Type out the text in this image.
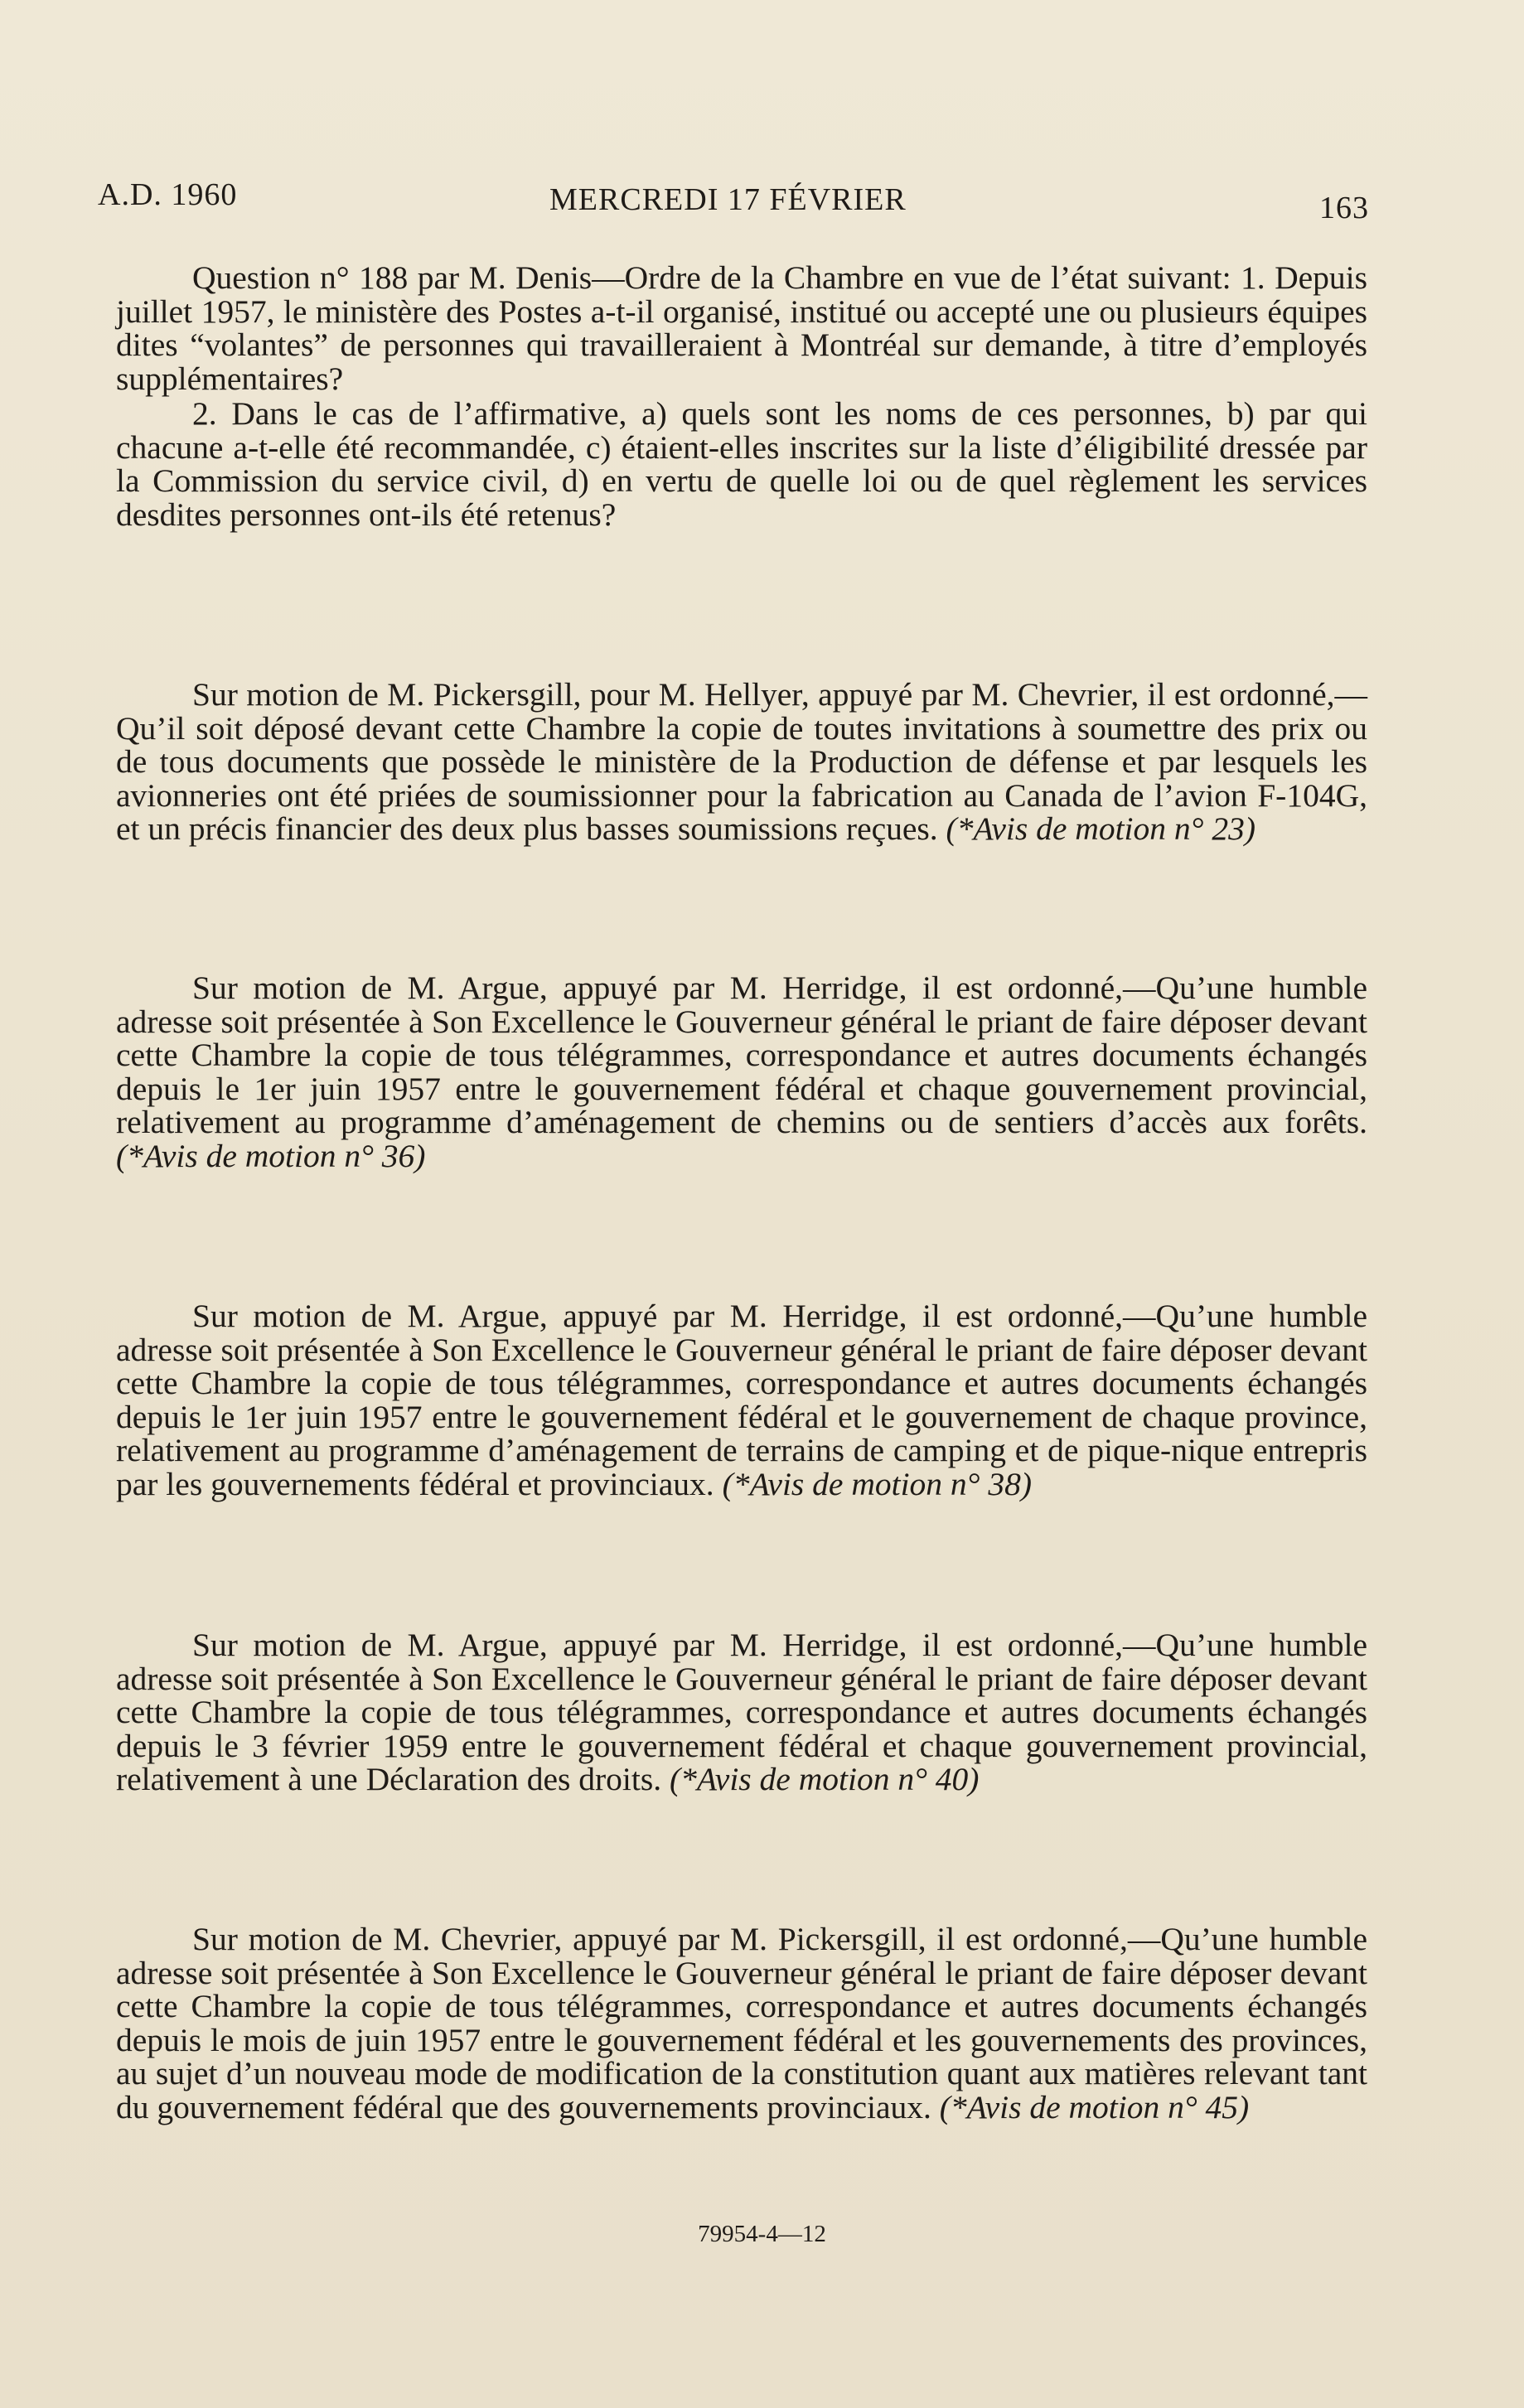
A.D. 1960	MERCREDI 17 FÉVRIER	163

Question n° 188 par M. Denis—Ordre de la Chambre en vue de l’état suivant: 1. Depuis juillet 1957, le ministère des Postes a-t-il organisé, institué ou accepté une ou plusieurs équipes dites “volantes” de personnes qui travailleraient à Montréal sur demande, à titre d’employés supplémentaires?

2. Dans le cas de l’affirmative, a) quels sont les noms de ces personnes, b) par qui chacune a-t-elle été recommandée, c) étaient-elles inscrites sur la liste d’éligibilité dressée par la Commission du service civil, d) en vertu de quelle loi ou de quel règlement les services desdites personnes ont-ils été retenus?

Sur motion de M. Pickersgill, pour M. Hellyer, appuyé par M. Chevrier, il est ordonné,—Qu’il soit déposé devant cette Chambre la copie de toutes invitations à soumettre des prix ou de tous documents que possède le ministère de la Production de défense et par lesquels les avionneries ont été priées de soumissionner pour la fabrication au Canada de l’avion F-104G, et un précis financier des deux plus basses soumissions reçues. (*Avis de motion n° 23)

Sur motion de M. Argue, appuyé par M. Herridge, il est ordonné,—Qu’une humble adresse soit présentée à Son Excellence le Gouverneur général le priant de faire déposer devant cette Chambre la copie de tous télégrammes, correspondance et autres documents échangés depuis le 1er juin 1957 entre le gouvernement fédéral et chaque gouvernement provincial, relativement au programme d’aménagement de chemins ou de sentiers d’accès aux forêts. (*Avis de motion n° 36)

Sur motion de M. Argue, appuyé par M. Herridge, il est ordonné,—Qu’une humble adresse soit présentée à Son Excellence le Gouverneur général le priant de faire déposer devant cette Chambre la copie de tous télégrammes, correspondance et autres documents échangés depuis le 1er juin 1957 entre le gouvernement fédéral et le gouvernement de chaque province, relativement au programme d’aménagement de terrains de camping et de pique-nique entrepris par les gouvernements fédéral et provinciaux. (*Avis de motion n° 38)

Sur motion de M. Argue, appuyé par M. Herridge, il est ordonné,—Qu’une humble adresse soit présentée à Son Excellence le Gouverneur général le priant de faire déposer devant cette Chambre la copie de tous télégrammes, correspondance et autres documents échangés depuis le 3 février 1959 entre le gouvernement fédéral et chaque gouvernement provincial, relativement à une Déclaration des droits. (*Avis de motion n° 40)

Sur motion de M. Chevrier, appuyé par M. Pickersgill, il est ordonné,—Qu’une humble adresse soit présentée à Son Excellence le Gouverneur général le priant de faire déposer devant cette Chambre la copie de tous télégrammes, correspondance et autres documents échangés depuis le mois de juin 1957 entre le gouvernement fédéral et les gouvernements des provinces, au sujet d’un nouveau mode de modification de la constitution quant aux matières relevant tant du gouvernement fédéral que des gouvernements provinciaux. (*Avis de motion n° 45)

79954-4—12
